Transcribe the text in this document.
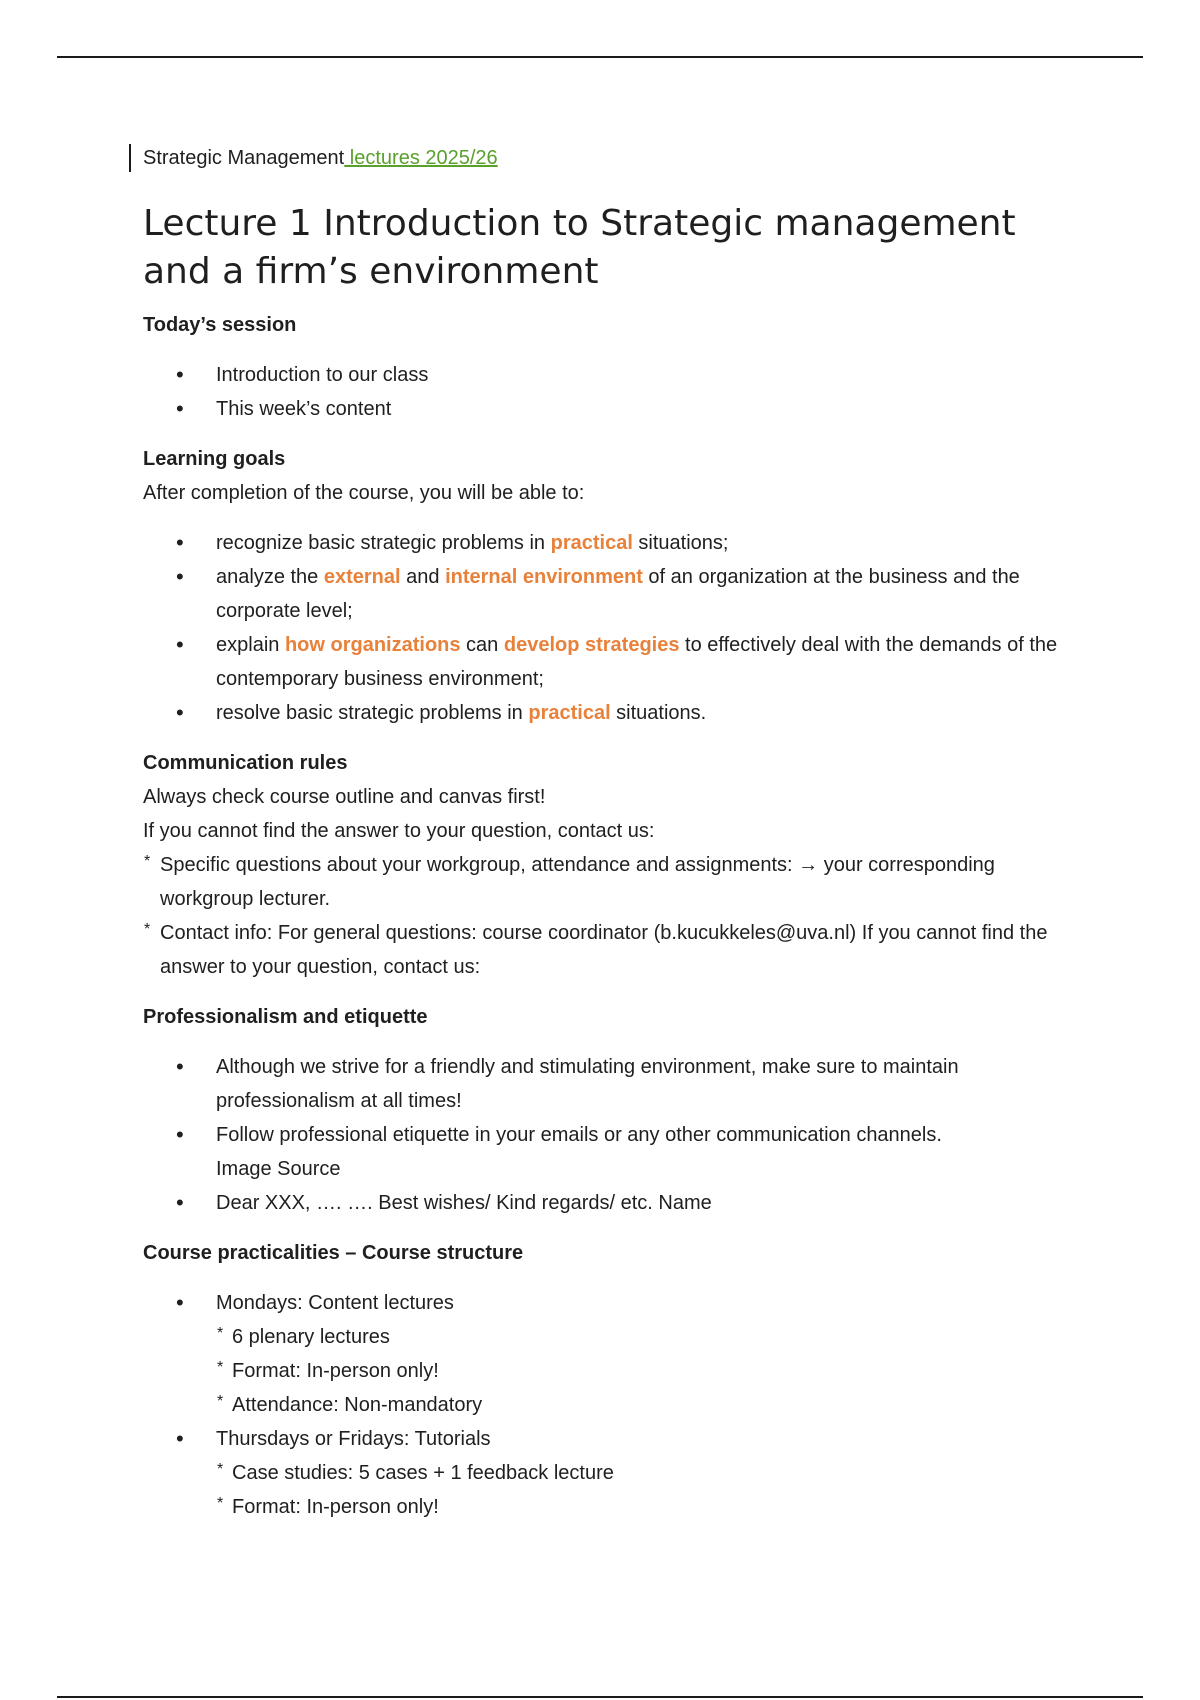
Strategic Management lectures 2025/26
Lecture 1 Introduction to Strategic management and a firm’s environment
Today’s session
• Introduction to our class
• This week’s content
Learning goals

After completion of the course, you will be able to:

• recognize basic strategic problems in practical situations;
• analyze the external and internal environment of an organization at the business and the corporate level;
• explain how organizations can develop strategies to effectively deal with the demands of the contemporary business environment;
• resolve basic strategic problems in practical situations.
Communication rules

Always check course outline and canvas first!

If you cannot find the answer to your question, contact us:

* Specific questions about your workgroup, attendance and assignments: → your corresponding workgroup lecturer.
* Contact info: For general questions: course coordinator (b.kucukkeles@uva.nl) If you cannot find the answer to your question, contact us:
Professionalism and etiquette
• Although we strive for a friendly and stimulating environment, make sure to maintain professionalism at all times!
• Follow professional etiquette in your emails or any other communication channels.
Image Source
• Dear XXX, …. …. Best wishes/ Kind regards/ etc. Name
Course practicalities – Course structure
• Mondays: Content lectures
* 6 plenary lectures
* Format: In-person only!
* Attendance: Non-mandatory
• Thursdays or Fridays: Tutorials
* Case studies: 5 cases + 1 feedback lecture
* Format: In-person only!
